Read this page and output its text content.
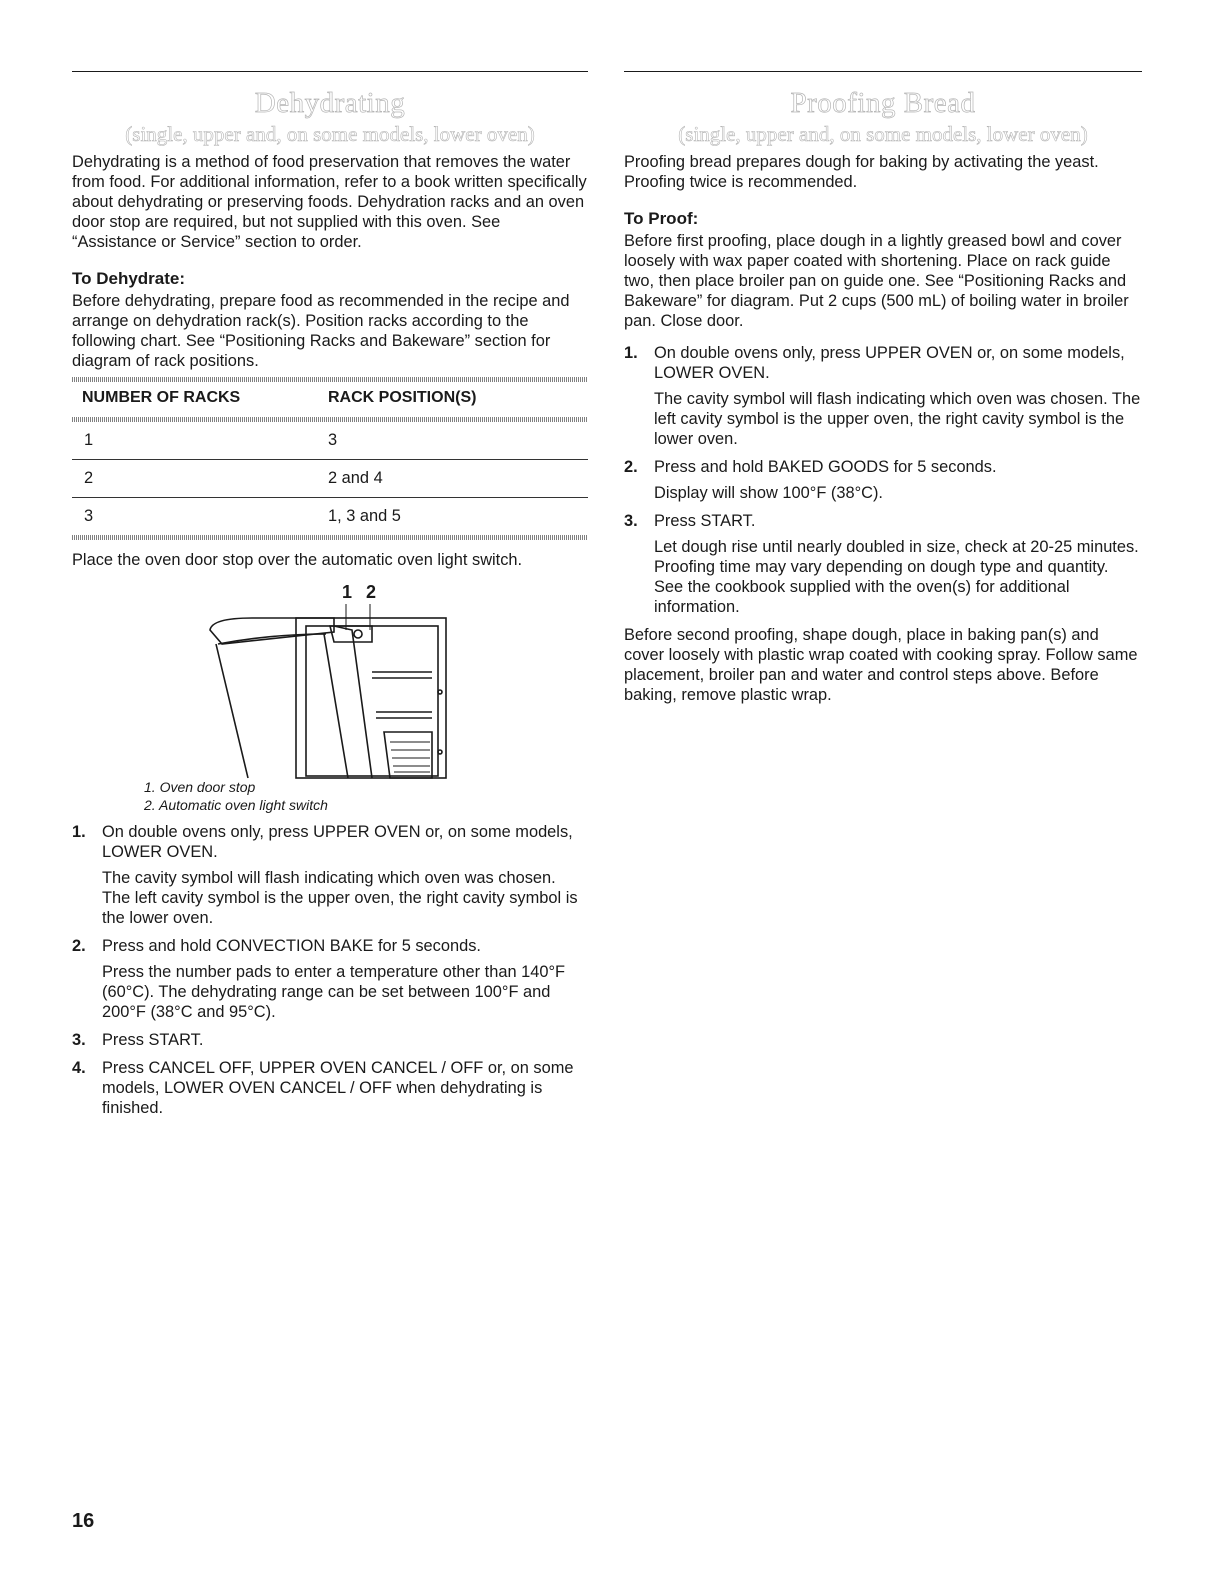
Dehydrating
(single, upper and, on some models, lower oven)

Dehydrating is a method of food preservation that removes the water from food. For additional information, refer to a book written specifically about dehydrating or preserving foods. Dehydration racks and an oven door stop are required, but not supplied with this oven. See “Assistance or Service” section to order.

To Dehydrate:

Before dehydrating, prepare food as recommended in the recipe and arrange on dehydration rack(s). Position racks according to the following chart. See “Positioning Racks and Bakeware” section for diagram of rack positions.

NUMBER OF RACKS	RACK POSITION(S)
1	3
2	2 and 4
3	1, 3 and 5

Place the oven door stop over the automatic oven light switch.

1 2
1. Oven door stop
2. Automatic oven light switch
1. On double ovens only, press UPPER OVEN or, on some models, LOWER OVEN.

The cavity symbol will flash indicating which oven was chosen. The left cavity symbol is the upper oven, the right cavity symbol is the lower oven.

2. Press and hold CONVECTION BAKE for 5 seconds.

Press the number pads to enter a temperature other than 140°F (60°C). The dehydrating range can be set between 100°F and 200°F (38°C and 95°C).

3. Press START.

4. Press CANCEL OFF, UPPER OVEN CANCEL / OFF or, on some models, LOWER OVEN CANCEL / OFF when dehydrating is finished.

Proofing Bread
(single, upper and, on some models, lower oven)

Proofing bread prepares dough for baking by activating the yeast. Proofing twice is recommended.

To Proof:

Before first proofing, place dough in a lightly greased bowl and cover loosely with wax paper coated with shortening. Place on rack guide two, then place broiler pan on guide one. See “Positioning Racks and Bakeware” for diagram. Put 2 cups (500 mL) of boiling water in broiler pan. Close door.

1. On double ovens only, press UPPER OVEN or, on some models, LOWER OVEN.

The cavity symbol will flash indicating which oven was chosen. The left cavity symbol is the upper oven, the right cavity symbol is the lower oven.

2. Press and hold BAKED GOODS for 5 seconds.

Display will show 100°F (38°C).

3. Press START.

Let dough rise until nearly doubled in size, check at 20-25 minutes. Proofing time may vary depending on dough type and quantity. See the cookbook supplied with the oven(s) for additional information.

Before second proofing, shape dough, place in baking pan(s) and cover loosely with plastic wrap coated with cooking spray. Follow same placement, broiler pan and water and control steps above. Before baking, remove plastic wrap.

16
